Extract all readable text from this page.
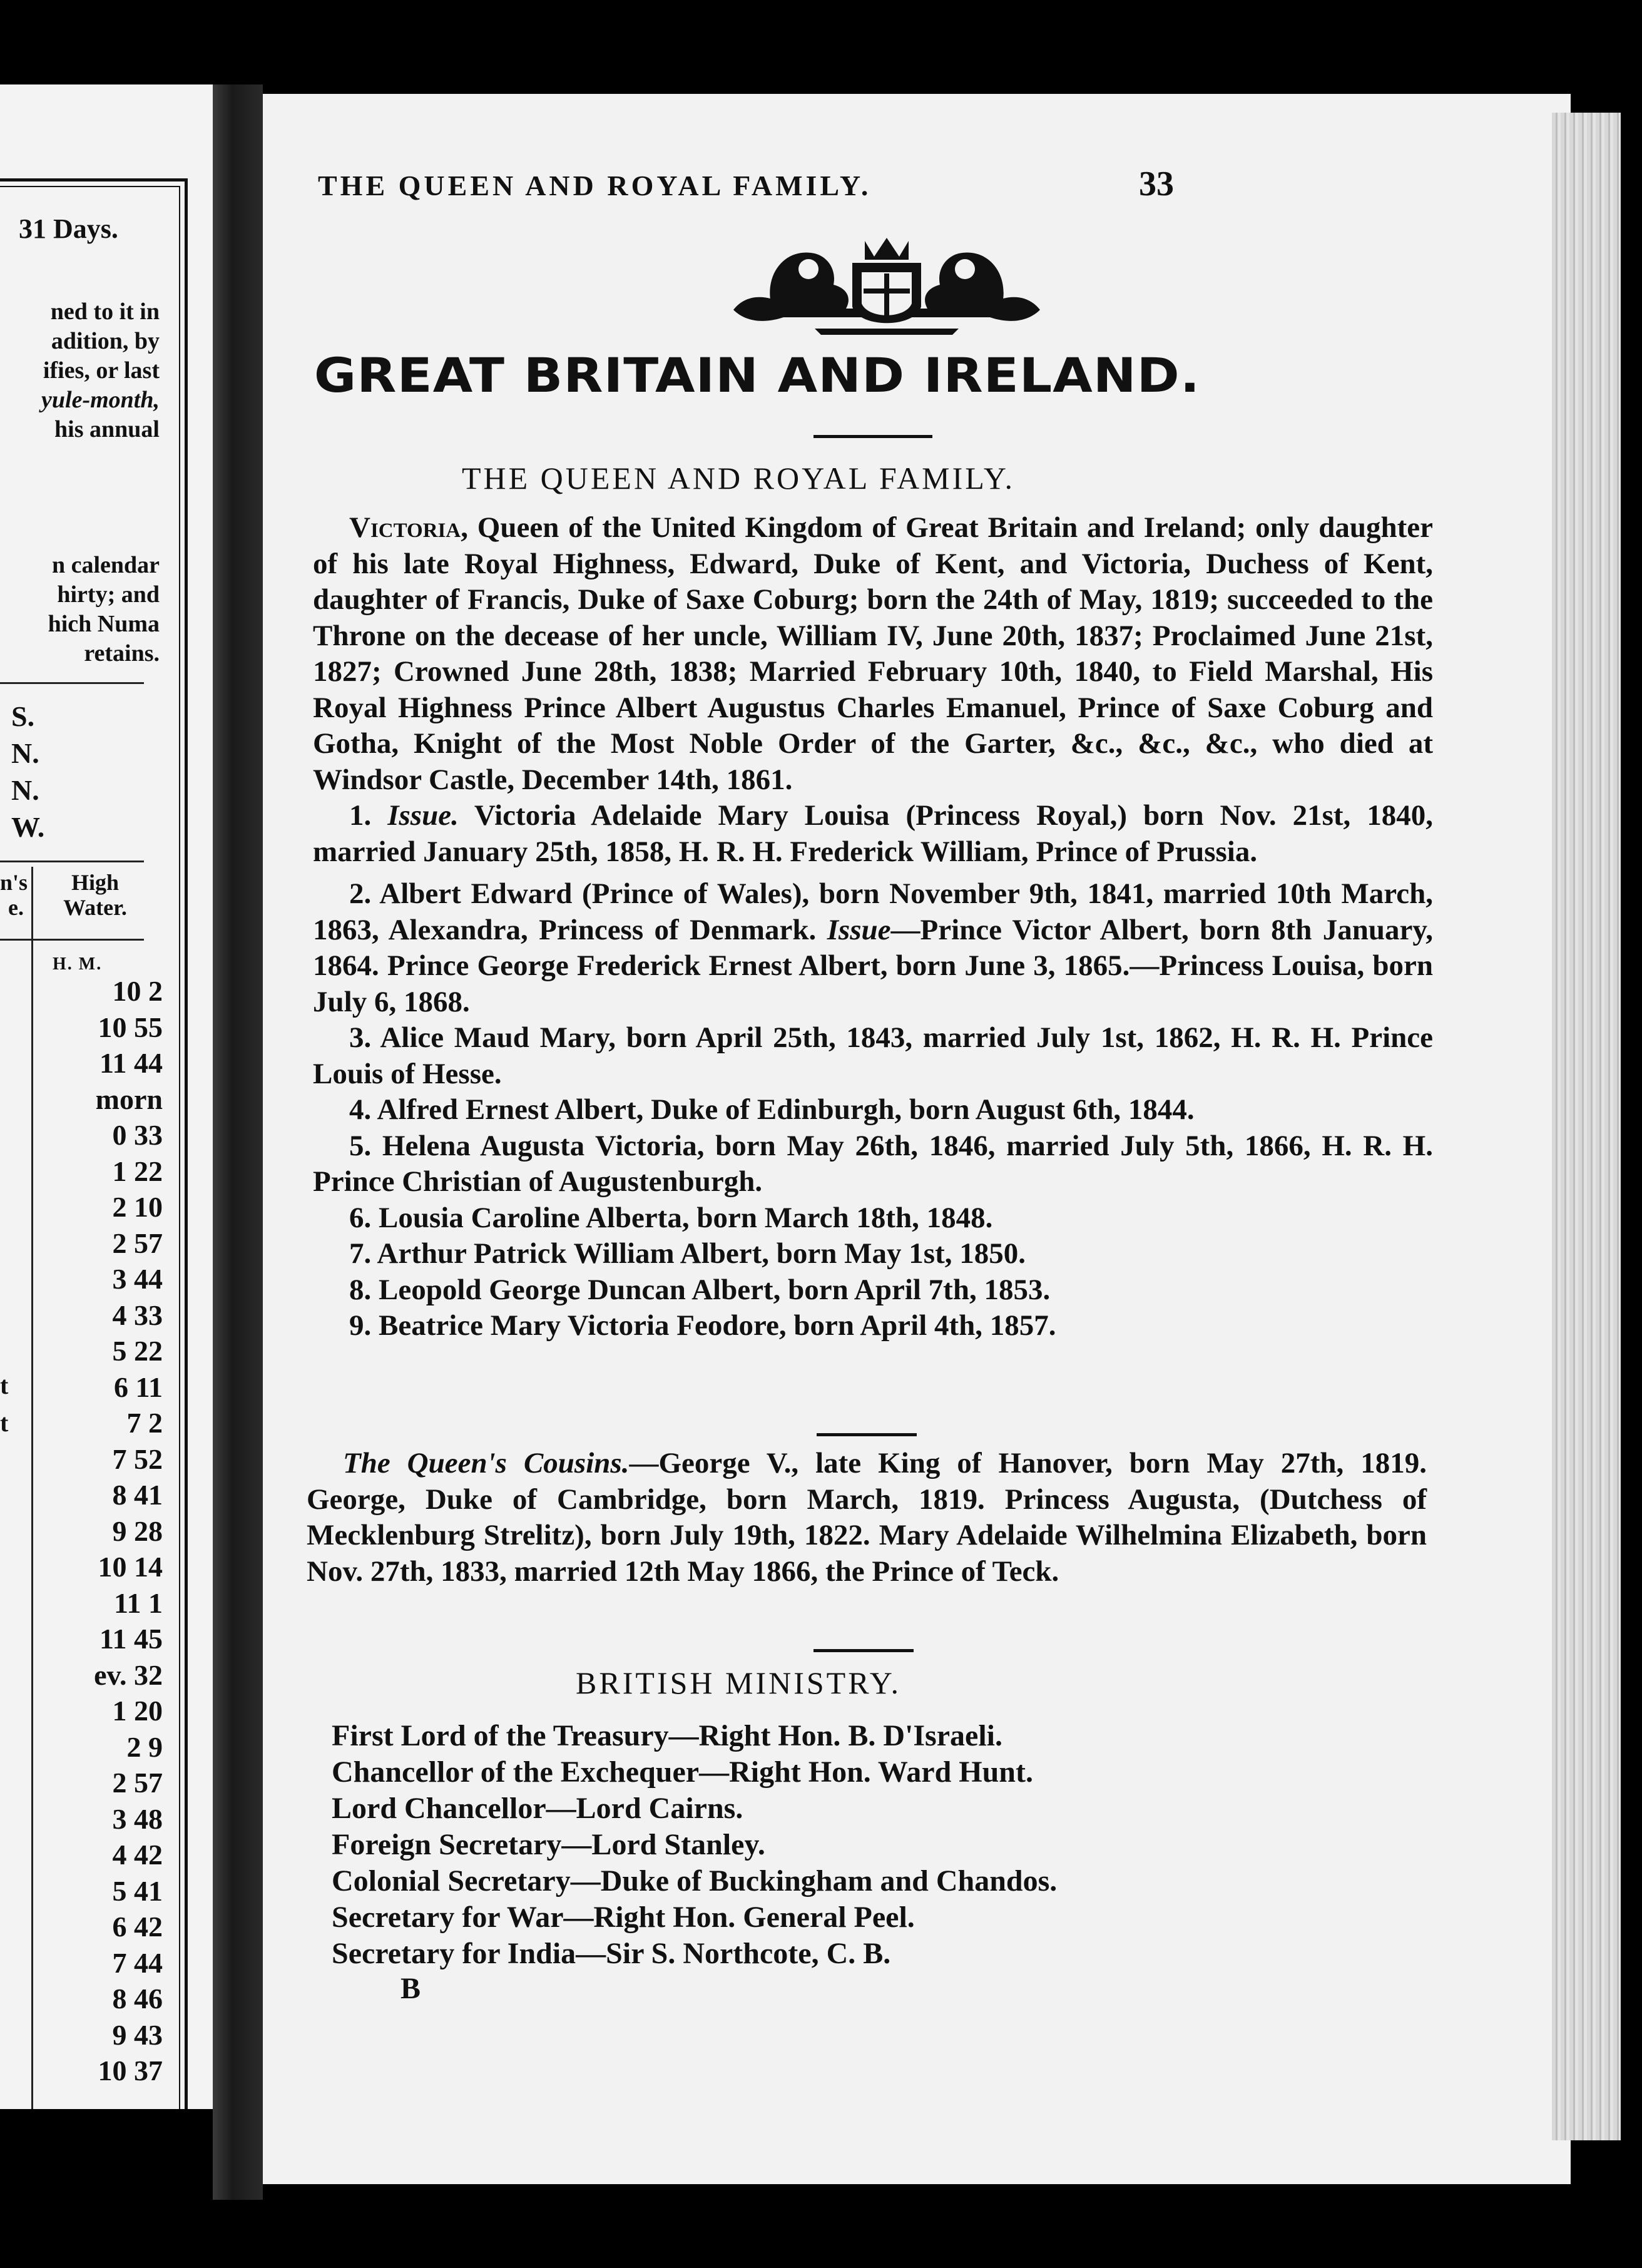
31 Days.
ned to it in
adition, by
ifies, or last
yule-month,
his annual
n calendar
hirty; and
hich Numa
retains.
S.
N.
N.
W.
n's
e.
High
Water.
H. M.
10 2
10 55
11 44
morn
0 33
1 22
2 10
2 57
3 44
4 33
5 22
6 11
7 2
7 52
8 41
9 28
10 14
11 1
11 45
ev. 32
1 20
2 9
2 57
3 48
4 42
5 41
6 42
7 44
8 46
9 43
10 37
t
t
THE QUEEN AND ROYAL FAMILY.	33
GREAT BRITAIN AND IRELAND.
THE QUEEN AND ROYAL FAMILY.

Victoria, Queen of the United Kingdom of Great Britain and Ireland; only daughter of his late Royal Highness, Edward, Duke of Kent, and Victoria, Duchess of Kent, daughter of Francis, Duke of Saxe Coburg; born the 24th of May, 1819; succeeded to the Throne on the decease of her uncle, William IV, June 20th, 1837; Proclaimed June 21st, 1827; Crowned June 28th, 1838; Married February 10th, 1840, to Field Marshal, His Royal Highness Prince Albert Augustus Charles Emanuel, Prince of Saxe Coburg and Gotha, Knight of the Most Noble Order of the Garter, &c., &c., &c., who died at Windsor Castle, December 14th, 1861.

1. Issue. Victoria Adelaide Mary Louisa (Princess Royal,) born Nov. 21st, 1840, married January 25th, 1858, H. R. H. Frederick William, Prince of Prussia.

2. Albert Edward (Prince of Wales), born November 9th, 1841, married 10th March, 1863, Alexandra, Princess of Denmark. Issue—Prince Victor Albert, born 8th January, 1864. Prince George Frederick Ernest Albert, born June 3, 1865.—Princess Louisa, born July 6, 1868.

3. Alice Maud Mary, born April 25th, 1843, married July 1st, 1862, H. R. H. Prince Louis of Hesse.

4. Alfred Ernest Albert, Duke of Edinburgh, born August 6th, 1844.

5. Helena Augusta Victoria, born May 26th, 1846, married July 5th, 1866, H. R. H. Prince Christian of Augustenburgh.

6. Lousia Caroline Alberta, born March 18th, 1848.

7. Arthur Patrick William Albert, born May 1st, 1850.

8. Leopold George Duncan Albert, born April 7th, 1853.

9. Beatrice Mary Victoria Feodore, born April 4th, 1857.

The Queen's Cousins.—George V., late King of Hanover, born May 27th, 1819. George, Duke of Cambridge, born March, 1819. Princess Augusta, (Dutchess of Mecklenburg Strelitz), born July 19th, 1822. Mary Adelaide Wilhelmina Elizabeth, born Nov. 27th, 1833, married 12th May 1866, the Prince of Teck.

BRITISH MINISTRY.
First Lord of the Treasury—Right Hon. B. D'Israeli.
Chancellor of the Exchequer—Right Hon. Ward Hunt.
Lord Chancellor—Lord Cairns.
Foreign Secretary—Lord Stanley.
Colonial Secretary—Duke of Buckingham and Chandos.
Secretary for War—Right Hon. General Peel.
Secretary for India—Sir S. Northcote, C. B.
B
